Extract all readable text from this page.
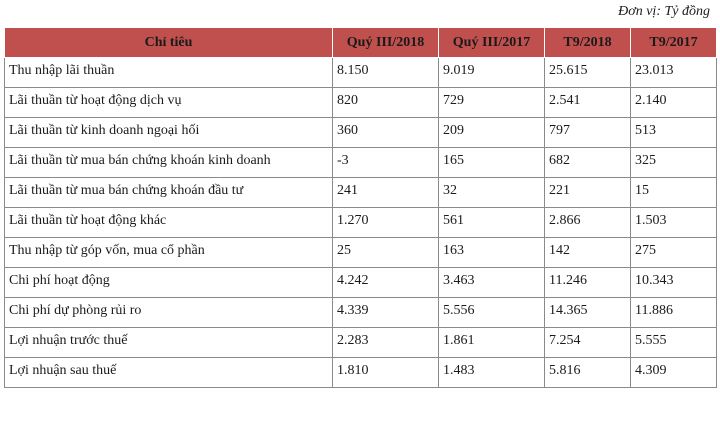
Đơn vị: Tỷ đồng
Chỉ tiêu	Quý III/2018	Quý III/2017	T9/2018	T9/2017
Thu nhập lãi thuần	8.150	9.019	25.615	23.013
Lãi thuần từ hoạt động dịch vụ	820	729	2.541	2.140
Lãi thuần từ kinh doanh ngoại hối	360	209	797	513
Lãi thuần từ mua bán chứng khoán kinh doanh	-3	165	682	325
Lãi thuần từ mua bán chứng khoán đầu tư	241	32	221	15
Lãi thuần từ hoạt động khác	1.270	561	2.866	1.503
Thu nhập từ góp vốn, mua cổ phần	25	163	142	275
Chi phí hoạt động	4.242	3.463	11.246	10.343
Chi phí dự phòng rủi ro	4.339	5.556	14.365	11.886
Lợi nhuận trước thuế	2.283	1.861	7.254	5.555
Lợi nhuận sau thuế	1.810	1.483	5.816	4.309
